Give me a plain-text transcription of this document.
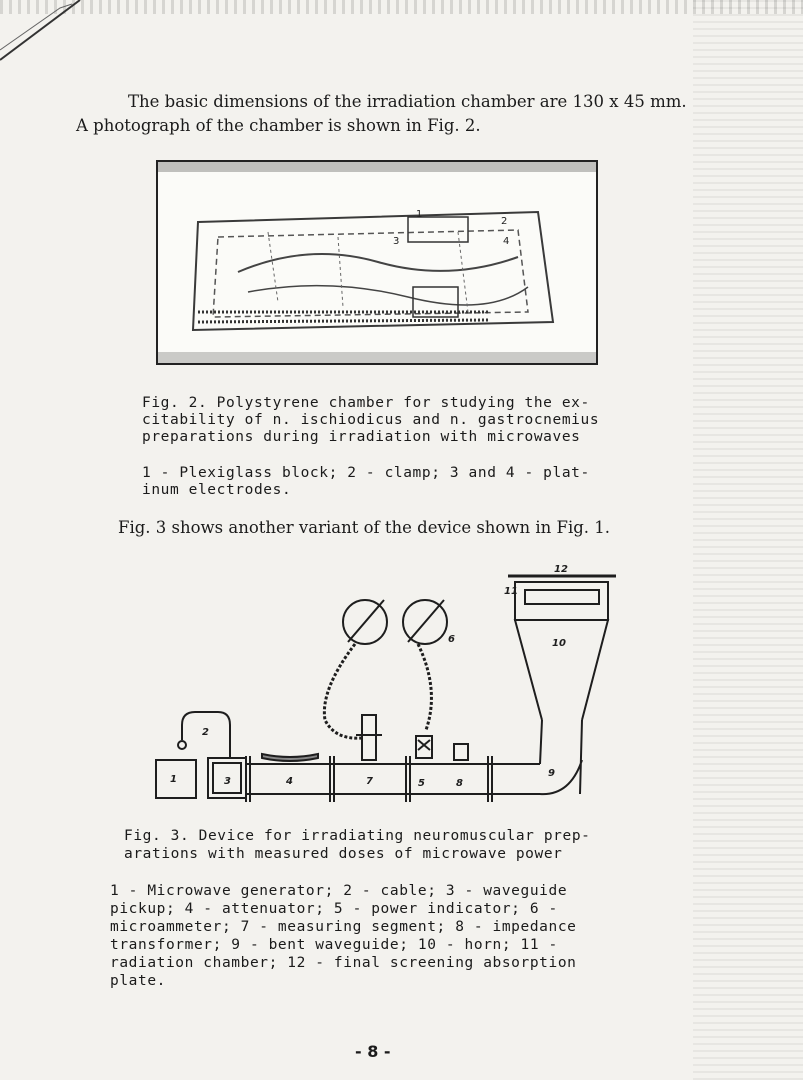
The basic dimensions of the irradiation chamber are 130 x 45 mm.
A photograph of the chamber is shown in Fig. 2.
1
2
3	4
Fig. 2. Polystyrene chamber for studying the ex-
citability of n. ischiodicus and n. gastrocnemius
preparations during irradiation with microwaves
1 - Plexiglass block; 2 - clamp; 3 and 4 - plat-
inum electrodes.
Fig. 3 shows another variant of the device shown in Fig. 1.
1
2
3	4	5
6
7	8
9
10
11
12
Fig. 3. Device for irradiating neuromuscular prep-
arations with measured doses of microwave power
1 - Microwave generator; 2 - cable; 3 - waveguide
pickup; 4 - attenuator; 5 - power indicator; 6 -
microammeter; 7 - measuring segment; 8 - impedance
transformer; 9 - bent waveguide; 10 - horn; 11 -
radiation chamber; 12 - final screening absorption
plate.
- 8 -
